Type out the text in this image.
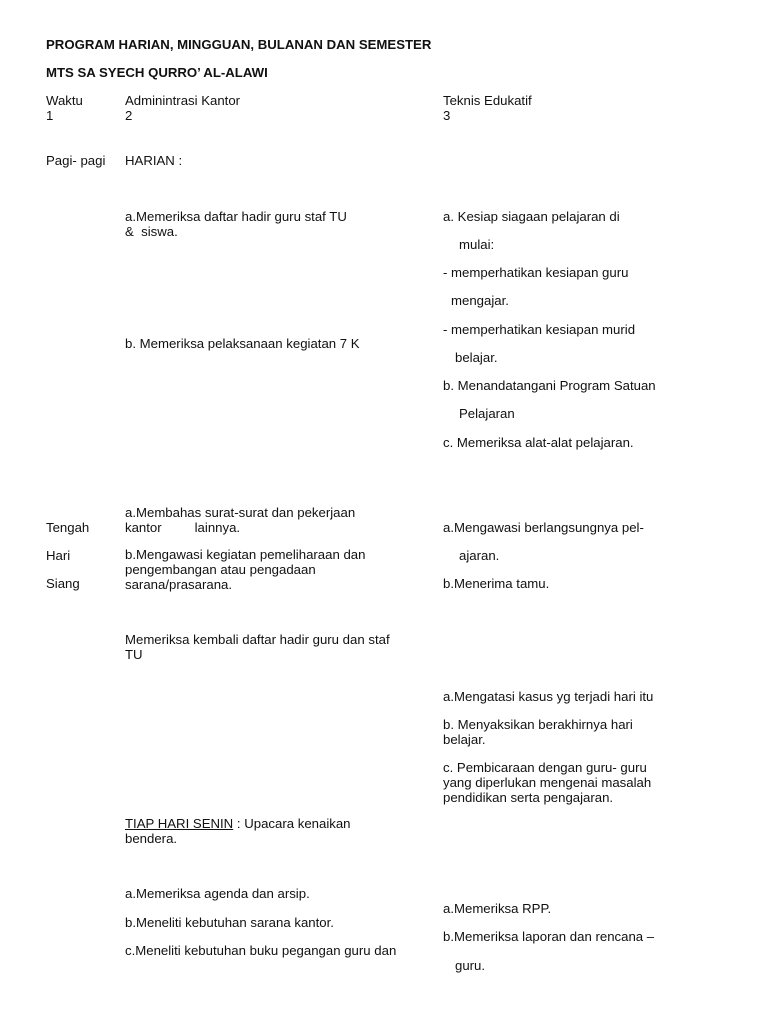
PROGRAM HARIAN, MINGGUAN, BULANAN DAN SEMESTER
MTS SA SYECH QURRO’ AL-ALAWI
Waktu
1
Adminintrasi Kantor
2
Teknis Edukatif
3
Pagi- pagi HARIAN :
a.Memeriksa daftar hadir guru staf TU
&  siswa.
b. Memeriksa pelaksanaan kegiatan 7 K
a. Kesiap siagaan pelajaran di
mulai:
- memperhatikan kesiapan guru
mengajar.
- memperhatikan kesiapan murid
belajar.
b. Menandatangani Program Satuan
Pelajaran
c. Memeriksa alat-alat pelajaran.
Tengah
Hari
Siang
a.Membahas surat-surat dan pekerjaan
kantor         lainnya.
b.Mengawasi kegiatan pemeliharaan dan
pengembangan atau pengadaan
sarana/prasarana.
a.Mengawasi berlangsungnya pel-
ajaran.
b.Menerima tamu.
Memeriksa kembali daftar hadir guru dan staf
TU
a.Mengatasi kasus yg terjadi hari itu
b. Menyaksikan berakhirnya hari
belajar.
c. Pembicaraan dengan guru- guru
yang diperlukan mengenai masalah
pendidikan serta pengajaran.
TIAP HARI SENIN : Upacara kenaikan
bendera.
a.Memeriksa agenda dan arsip.
b.Meneliti kebutuhan sarana kantor.
c.Meneliti kebutuhan buku pegangan guru dan
a.Memeriksa RPP.
b.Memeriksa laporan dan rencana –
guru.
